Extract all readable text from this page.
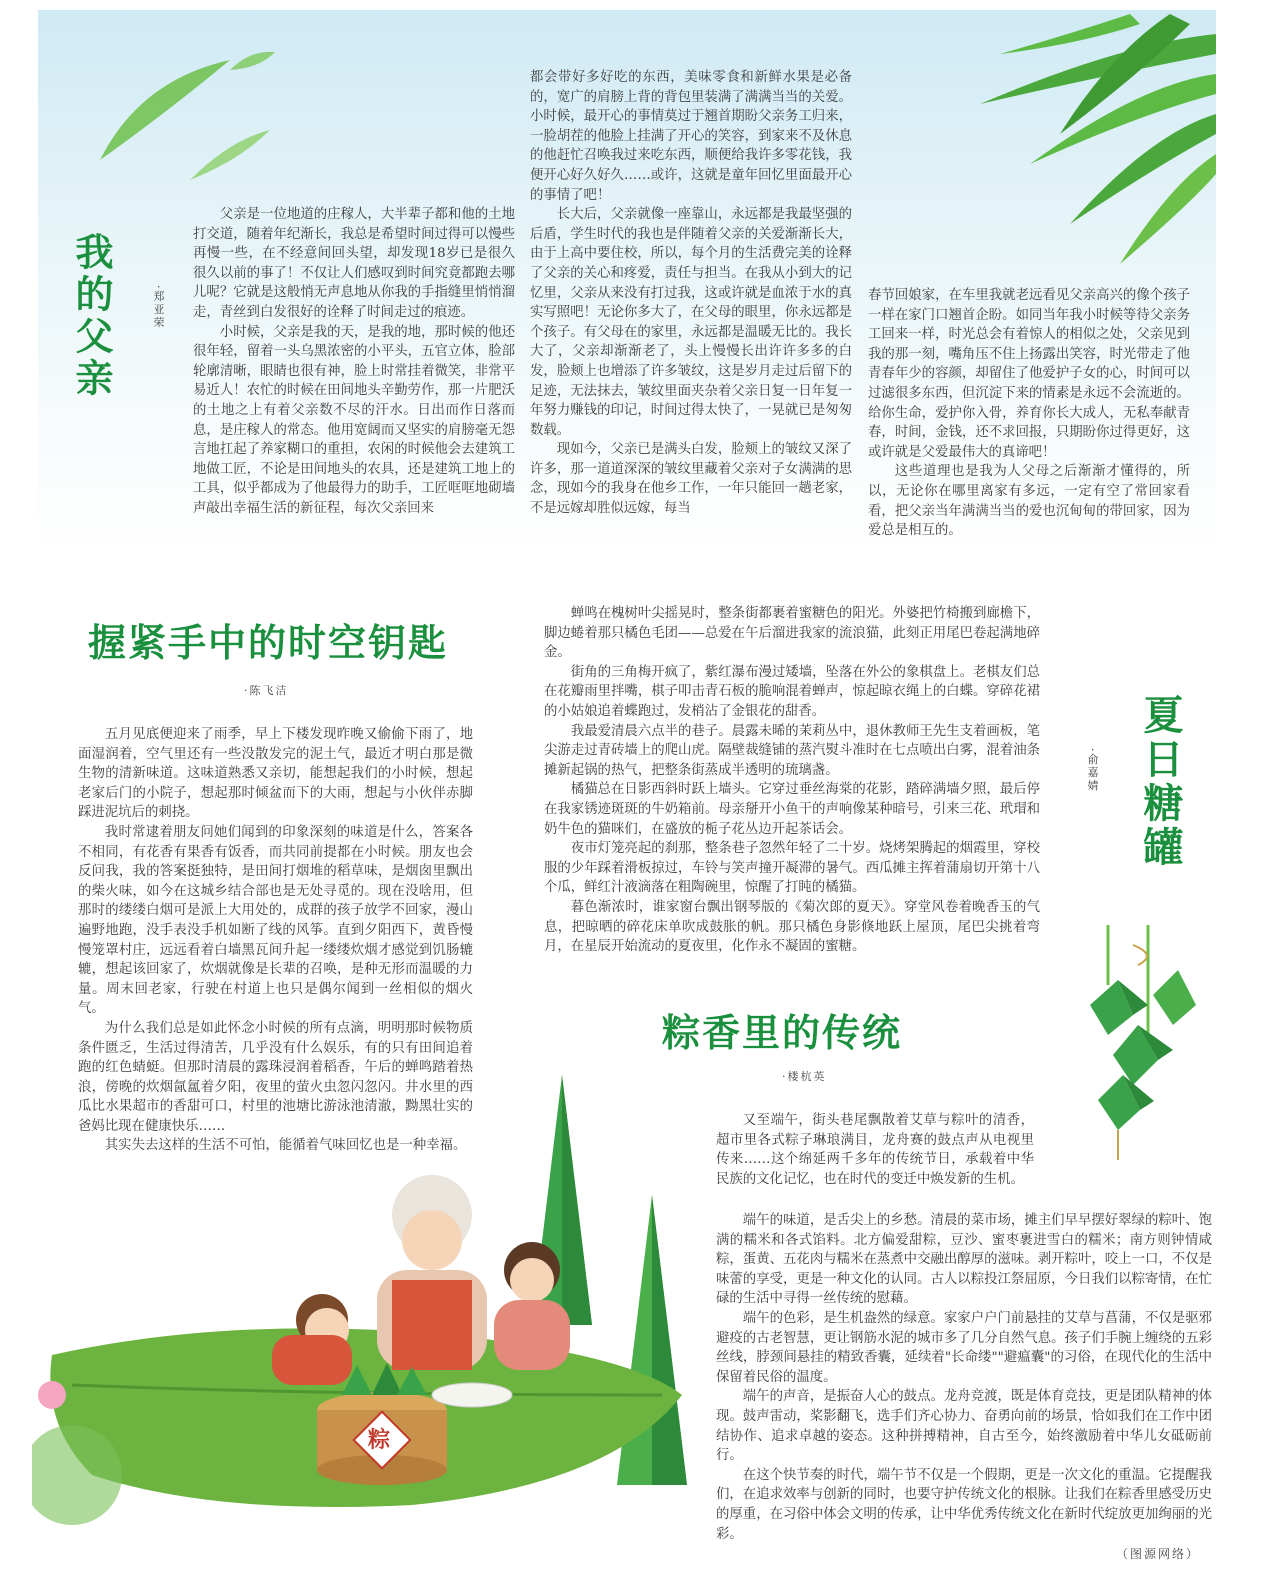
我的父亲	·郑亚荣

父亲是一位地道的庄稼人，大半辈子都和他的土地打交道，随着年纪渐长，我总是希望时间过得可以慢些再慢一些，在不经意间回头望，却发现18岁已是很久很久以前的事了！不仅让人们感叹到时间究竟都跑去哪儿呢？它就是这般悄无声息地从你我的手指缝里悄悄溜走，青丝到白发很好的诠释了时间走过的痕迹。

小时候，父亲是我的天，是我的地，那时候的他还很年轻，留着一头乌黑浓密的小平头，五官立体，脸部轮廓清晰，眼睛也很有神，脸上时常挂着微笑，非常平易近人！农忙的时候在田间地头辛勤劳作，那一片肥沃的土地之上有着父亲数不尽的汗水。日出而作日落而息，是庄稼人的常态。他用宽阔而又坚实的肩膀毫无怨言地扛起了养家糊口的重担，农闲的时候他会去建筑工地做工匠，不论是田间地头的农具，还是建筑工地上的工具，似乎都成为了他最得力的助手，工匠哐哐地砌墙声敲出幸福生活的新征程，每次父亲回来

都会带好多好吃的东西，美味零食和新鲜水果是必备的，宽广的肩膀上背的背包里装满了满满当当的关爱。小时候，最开心的事情莫过于翘首期盼父亲务工归来，一脸胡茬的他脸上挂满了开心的笑容，到家来不及休息的他赶忙召唤我过来吃东西，顺便给我许多零花钱，我便开心好久好久……或许，这就是童年回忆里面最开心的事情了吧！

长大后，父亲就像一座靠山，永远都是我最坚强的后盾，学生时代的我也是伴随着父亲的关爱渐渐长大，由于上高中要住校，所以，每个月的生活费完美的诠释了父亲的关心和疼爱，责任与担当。在我从小到大的记忆里，父亲从来没有打过我，这或许就是血浓于水的真实写照吧！无论你多大了，在父母的眼里，你永远都是个孩子。有父母在的家里，永远都是温暖无比的。我长大了，父亲却渐渐老了，头上慢慢长出许许多多的白发，脸颊上也增添了许多皱纹，这是岁月走过后留下的足迹，无法抹去，皱纹里面夹杂着父亲日复一日年复一年努力赚钱的印记，时间过得太快了，一晃就已是匆匆数载。

现如今，父亲已是满头白发，脸颊上的皱纹又深了许多，那一道道深深的皱纹里藏着父亲对子女满满的思念，现如今的我身在他乡工作，一年只能回一趟老家，不是远嫁却胜似远嫁，每当

春节回娘家，在车里我就老远看见父亲高兴的像个孩子一样在家门口翘首企盼。如同当年我小时候等待父亲务工回来一样，时光总会有着惊人的相似之处，父亲见到我的那一刻，嘴角压不住上扬露出笑容，时光带走了他青春年少的容颜，却留住了他爱护子女的心，时间可以过滤很多东西，但沉淀下来的情素是永远不会流逝的。给你生命，爱护你入骨，养育你长大成人，无私奉献青春，时间，金钱，还不求回报，只期盼你过得更好，这或许就是父爱最伟大的真谛吧！

这些道理也是我为人父母之后渐渐才懂得的，所以，无论你在哪里离家有多远，一定有空了常回家看看，把父亲当年满满当当的爱也沉甸甸的带回家，因为爱总是相互的。

握紧手中的时空钥匙
·陈飞洁

五月见底便迎来了雨季，早上下楼发现昨晚又偷偷下雨了，地面湿润着，空气里还有一些没散发完的泥土气，最近才明白那是微生物的清新味道。这味道熟悉又亲切，能想起我们的小时候，想起老家后门的小院子，想起那时倾盆而下的大雨，想起与小伙伴赤脚踩进泥坑后的刺挠。

我时常逮着朋友问她们闻到的印象深刻的味道是什么，答案各不相同，有花香有果香有饭香，而共同前提都在小时候。朋友也会反问我，我的答案挺独特，是田间打烟堆的稻草味，是烟囱里飘出的柴火味，如今在这城乡结合部也是无处寻觅的。现在没啥用，但那时的缕缕白烟可是派上大用处的，成群的孩子放学不回家，漫山遍野地跑，没手表没手机如断了线的风筝。直到夕阳西下，黄昏慢慢笼罩村庄，远远看着白墙黑瓦间升起一缕缕炊烟才感觉到饥肠辘辘，想起该回家了，炊烟就像是长辈的召唤，是种无形而温暖的力量。周末回老家，行驶在村道上也只是偶尔闻到一丝相似的烟火气。

为什么我们总是如此怀念小时候的所有点滴，明明那时候物质条件匮乏，生活过得清苦，几乎没有什么娱乐，有的只有田间追着跑的红色蜻蜓。但那时清晨的露珠浸润着稻香，午后的蝉鸣踏着热浪，傍晚的炊烟氤氲着夕阳，夜里的萤火虫忽闪忽闪。井水里的西瓜比水果超市的香甜可口，村里的池塘比游泳池清澈，黝黑壮实的爸妈比现在健康快乐……

其实失去这样的生活不可怕，能循着气味回忆也是一种幸福。

蝉鸣在槐树叶尖摇晃时，整条街都裹着蜜糖色的阳光。外婆把竹椅搬到廊檐下，脚边蜷着那只橘色毛团——总爱在午后溜进我家的流浪猫，此刻正用尾巴卷起满地碎金。

街角的三角梅开疯了，紫红瀑布漫过矮墙，坠落在外公的象棋盘上。老棋友们总在花瓣雨里拌嘴，棋子叩击青石板的脆响混着蝉声，惊起晾衣绳上的白蝶。穿碎花裙的小姑娘追着蝶跑过，发梢沾了金银花的甜香。

我最爱清晨六点半的巷子。晨露未晞的茉莉丛中，退休教师王先生支着画板，笔尖游走过青砖墙上的爬山虎。隔壁裁缝铺的蒸汽熨斗准时在七点喷出白雾，混着油条摊新起锅的热气，把整条街蒸成半透明的琉璃盏。

橘猫总在日影西斜时跃上墙头。它穿过垂丝海棠的花影，踏碎满墙夕照，最后停在我家锈迹斑斑的牛奶箱前。母亲掰开小鱼干的声响像某种暗号，引来三花、玳瑁和奶牛色的猫咪们，在盛放的栀子花丛边开起茶话会。

夜市灯笼亮起的刹那，整条巷子忽然年轻了二十岁。烧烤架腾起的烟霞里，穿校服的少年踩着滑板掠过，车铃与笑声撞开凝滞的暑气。西瓜摊主挥着蒲扇切开第十八个瓜，鲜红汁液滴落在粗陶碗里，惊醒了打盹的橘猫。

暮色渐浓时，谁家窗台飘出钢琴版的《菊次郎的夏天》。穿堂风卷着晚香玉的气息，把晾晒的碎花床单吹成鼓胀的帆。那只橘色身影倏地跃上屋顶，尾巴尖挑着弯月，在星辰开始流动的夏夜里，化作永不凝固的蜜糖。

夏日糖罐
·俞嘉婧
粽香里的传统
·楼杭英

又至端午，街头巷尾飘散着艾草与粽叶的清香，超市里各式粽子琳琅满目，龙舟赛的鼓点声从电视里传来……这个绵延两千多年的传统节日，承载着中华民族的文化记忆，也在时代的变迁中焕发新的生机。

端午的味道，是舌尖上的乡愁。清晨的菜市场，摊主们早早摆好翠绿的粽叶、饱满的糯米和各式馅料。北方偏爱甜粽，豆沙、蜜枣裹进雪白的糯米；南方则钟情咸粽，蛋黄、五花肉与糯米在蒸煮中交融出醇厚的滋味。剥开粽叶，咬上一口，不仅是味蕾的享受，更是一种文化的认同。古人以粽投江祭屈原，今日我们以粽寄情，在忙碌的生活中寻得一丝传统的慰藉。

端午的色彩，是生机盎然的绿意。家家户户门前悬挂的艾草与菖蒲，不仅是驱邪避疫的古老智慧，更让钢筋水泥的城市多了几分自然气息。孩子们手腕上缠绕的五彩丝线，脖颈间悬挂的精致香囊，延续着"长命缕""避瘟囊"的习俗，在现代化的生活中保留着民俗的温度。

端午的声音，是振奋人心的鼓点。龙舟竞渡，既是体育竞技，更是团队精神的体现。鼓声雷动，桨影翻飞，选手们齐心协力、奋勇向前的场景，恰如我们在工作中团结协作、追求卓越的姿态。这种拼搏精神，自古至今，始终激励着中华儿女砥砺前行。

在这个快节奏的时代，端午节不仅是一个假期，更是一次文化的重温。它提醒我们，在追求效率与创新的同时，也要守护传统文化的根脉。让我们在粽香里感受历史的厚重，在习俗中体会文明的传承，让中华优秀传统文化在新时代绽放更加绚丽的光彩。

粽
（图源网络）
